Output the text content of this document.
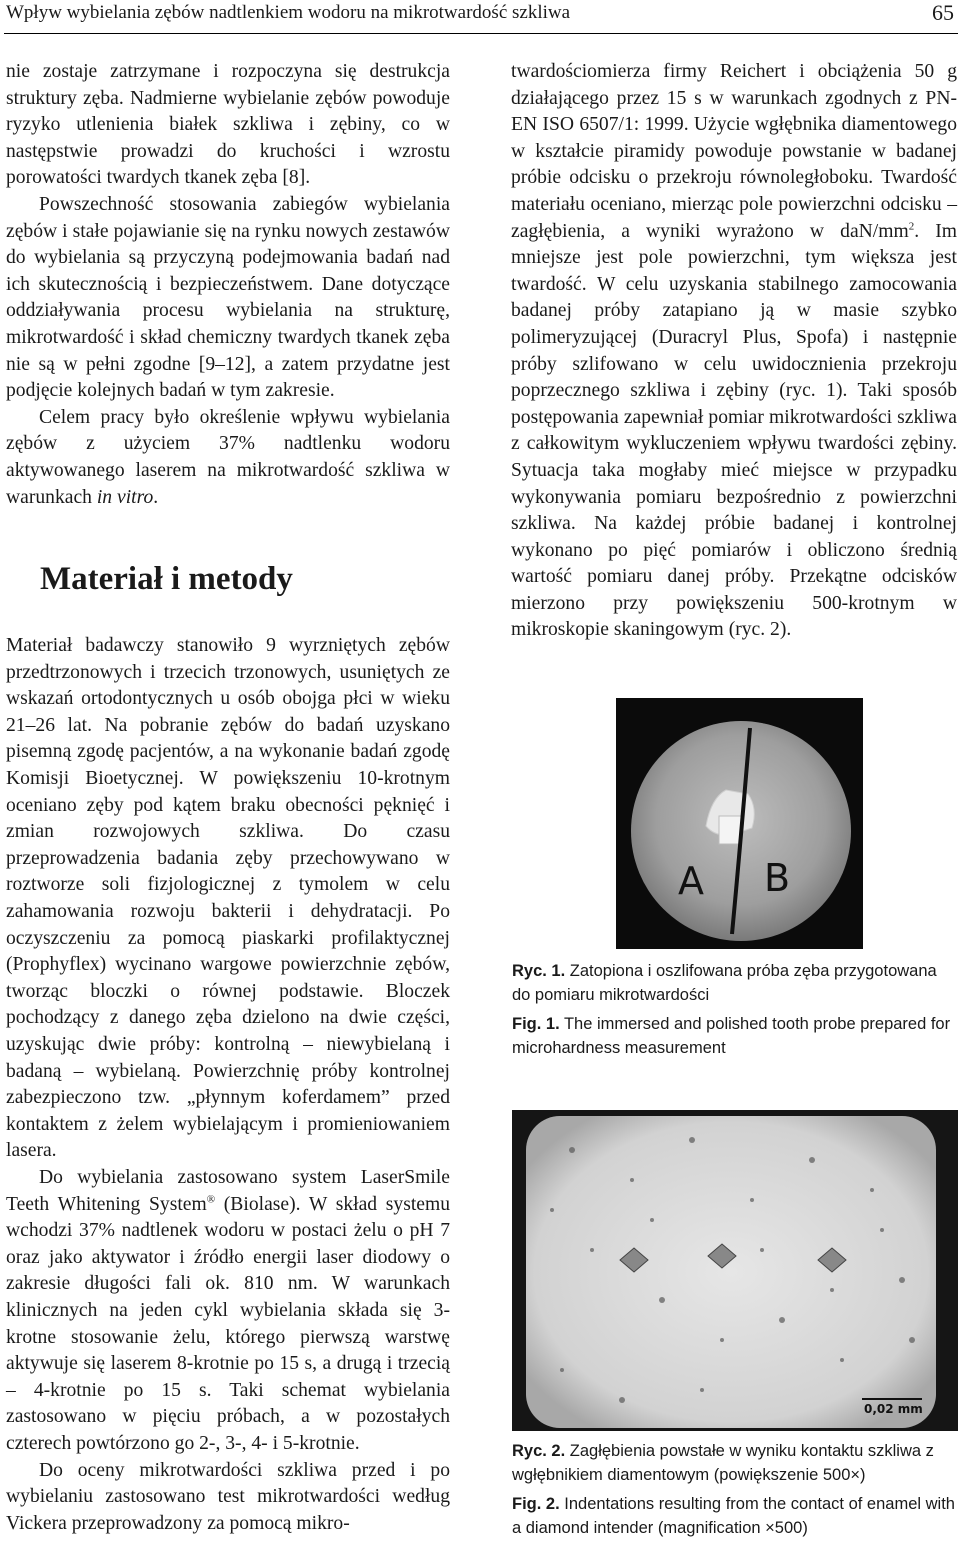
Wpływ wybielania zębów nadtlenkiem wodoru na mikrotwardość szkliwa	65

nie zostaje zatrzymane i rozpoczyna się destrukcja struktury zęba. Nadmierne wybielanie zębów powoduje ryzyko utlenienia białek szkliwa i zębiny, co w następstwie prowadzi do kruchości i wzrostu porowatości twardych tkanek zęba [8].

Powszechność stosowania zabiegów wybielania zębów i stałe pojawianie się na rynku nowych zestawów do wybielania są przyczyną podejmowania badań nad ich skutecznością i bezpieczeństwem. Dane dotyczące oddziaływania procesu wybielania na strukturę, mikrotwardość i skład chemiczny twardych tkanek zęba nie są w pełni zgodne [9–12], a zatem przydatne jest podjęcie kolejnych badań w tym zakresie.

Celem pracy było określenie wpływu wybielania zębów z użyciem 37% nadtlenku wodoru aktywowanego laserem na mikrotwardość szkliwa w warunkach in vitro.

Materiał i metody

Materiał badawczy stanowiło 9 wyrzniętych zębów przedtrzonowych i trzecich trzonowych, usuniętych ze wskazań ortodontycznych u osób obojga płci w wieku 21–26 lat. Na pobranie zębów do badań uzyskano pisemną zgodę pacjentów, a na wykonanie badań zgodę Komisji Bioetycznej. W powiększeniu 10-krotnym oceniano zęby pod kątem braku obecności pęknięć i zmian rozwojowych szkliwa. Do czasu przeprowadzenia badania zęby przechowywano w roztworze soli fizjologicznej z tymolem w celu zahamowania rozwoju bakterii i dehydratacji. Po oczyszczeniu za pomocą piaskarki profilaktycznej (Prophyflex) wycinano wargowe powierzchnie zębów, tworząc bloczki o równej podstawie. Bloczek pochodzący z danego zęba dzielono na dwie części, uzyskując dwie próby: kontrolną – niewybielaną i badaną – wybielaną. Powierzchnię próby kontrolnej zabezpieczono tzw. „płynnym koferdamem” przed kontaktem z żelem wybielającym i promieniowaniem lasera.

Do wybielania zastosowano system LaserSmile Teeth Whitening System® (Biolase). W skład systemu wchodzi 37% nadtlenek wodoru w postaci żelu o pH 7 oraz jako aktywator i źródło energii laser diodowy o zakresie długości fali ok. 810 nm. W warunkach klinicznych na jeden cykl wybielania składa się 3-krotne stosowanie żelu, którego pierwszą warstwę aktywuje się laserem 8-krotnie po 15 s, a drugą i trzecią – 4-krotnie po 15 s. Taki schemat wybielania zastosowano w pięciu próbach, a w pozostałych czterech powtórzono go 2-, 3-, 4- i 5-krotnie.

Do oceny mikrotwardości szkliwa przed i po wybielaniu zastosowano test mikrotwardości według Vickera przeprowadzony za pomocą mikro-

twardościomierza firmy Reichert i obciążenia 50 g działającego przez 15 s w warunkach zgodnych z PN-EN ISO 6507/1: 1999. Użycie wgłębnika diamentowego w kształcie piramidy powoduje powstanie w badanej próbie odcisku o przekroju równoległoboku. Twardość materiału oceniano, mierząc pole powierzchni odcisku – zagłębienia, a wyniki wyrażono w daN/$mm^2$. Im mniejsze jest pole powierzchni, tym większa jest twardość. W celu uzyskania stabilnego zamocowania badanej próby zatapiano ją w masie szybko polimeryzującej (Duracryl Plus, Spofa) i następnie próby szlifowano w celu uwidocznienia przekroju poprzecznego szkliwa i zębiny (ryc. 1). Taki sposób postępowania zapewniał pomiar mikrotwardości szkliwa z całkowitym wykluczeniem wpływu twardości zębiny. Sytuacja taka mogłaby mieć miejsce w przypadku wykonywania pomiaru bezpośrednio z powierzchni szkliwa. Na każdej próbie badanej i kontrolnej wykonano po pięć pomiarów i obliczono średnią wartość pomiaru danej próby. Przekątne odcisków mierzono przy powiększeniu 500-krotnym w mikroskopie skaningowym (ryc. 2).

A B

Ryc. 1. Zatopiona i oszlifowana próba zęba przygotowana do pomiaru mikrotwardości

Fig. 1. The immersed and polished tooth probe prepared for microhardness measurement

0,02 mm

Ryc. 2. Zagłębienia powstałe w wyniku kontaktu szkliwa z wgłębnikiem diamentowym (powiększenie 500×)

Fig. 2. Indentations resulting from the contact of enamel with a diamond intender (magnification ×500)
